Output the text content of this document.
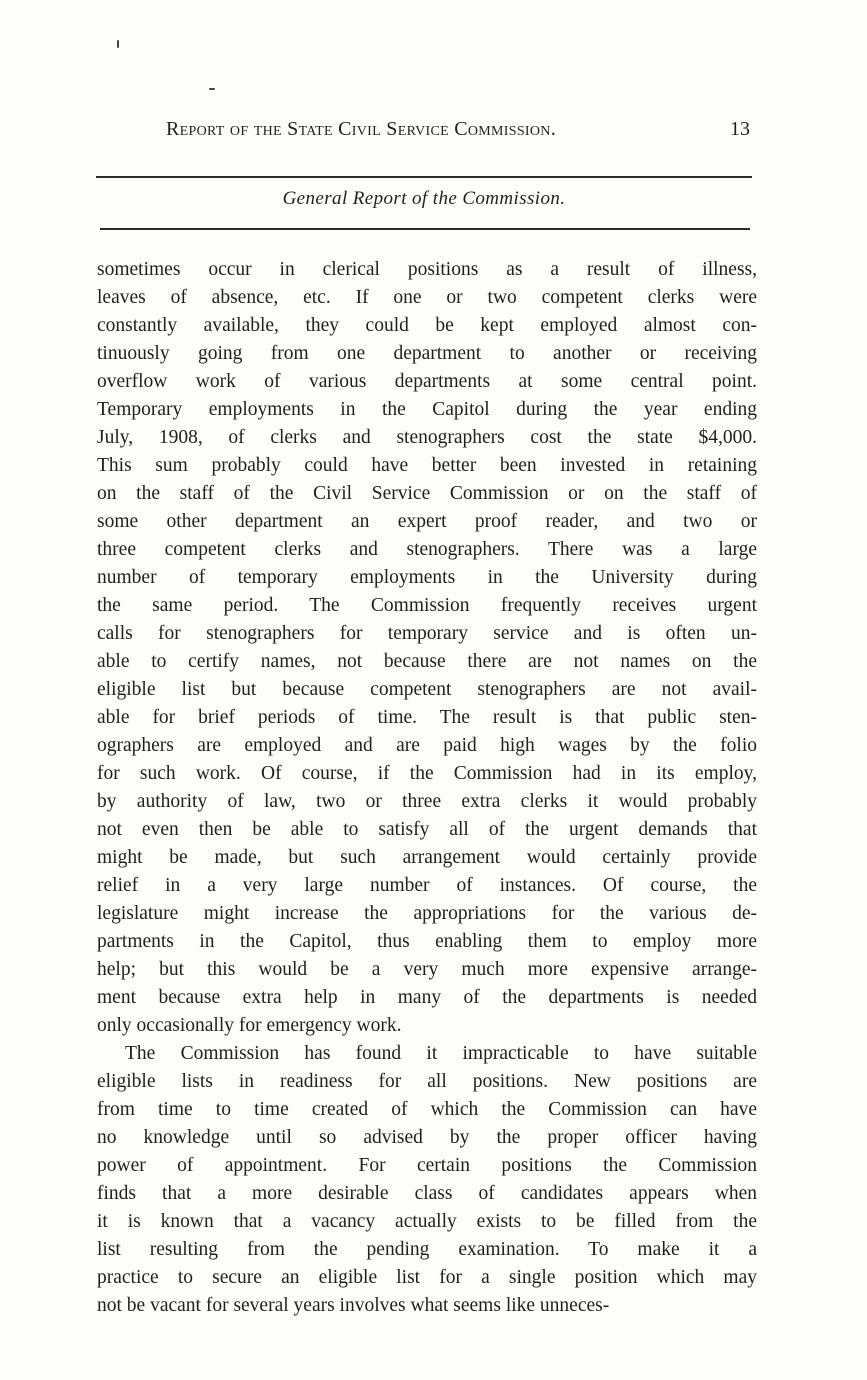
Report of the State Civil Service Commission.	13
General Report of the Commission.
sometimes occur in clerical positions as a result of illness,
leaves of absence, etc. If one or two competent clerks were
constantly available, they could be kept employed almost con-
tinuously going from one department to another or receiving
overflow work of various departments at some central point.
Temporary employments in the Capitol during the year ending
July, 1908, of clerks and stenographers cost the state $4,000.
This sum probably could have better been invested in retaining
on the staff of the Civil Service Commission or on the staff of
some other department an expert proof reader, and two or
three competent clerks and stenographers. There was a large
number of temporary employments in the University during
the same period. The Commission frequently receives urgent
calls for stenographers for temporary service and is often un-
able to certify names, not because there are not names on the
eligible list but because competent stenographers are not avail-
able for brief periods of time. The result is that public sten-
ographers are employed and are paid high wages by the folio
for such work. Of course, if the Commission had in its employ,
by authority of law, two or three extra clerks it would probably
not even then be able to satisfy all of the urgent demands that
might be made, but such arrangement would certainly provide
relief in a very large number of instances. Of course, the
legislature might increase the appropriations for the various de-
partments in the Capitol, thus enabling them to employ more
help; but this would be a very much more expensive arrange-
ment because extra help in many of the departments is needed
only occasionally for emergency work.
The Commission has found it impracticable to have suitable
eligible lists in readiness for all positions. New positions are
from time to time created of which the Commission can have
no knowledge until so advised by the proper officer having
power of appointment. For certain positions the Commission
finds that a more desirable class of candidates appears when
it is known that a vacancy actually exists to be filled from the
list resulting from the pending examination. To make it a
practice to secure an eligible list for a single position which may
not be vacant for several years involves what seems like unneces-
